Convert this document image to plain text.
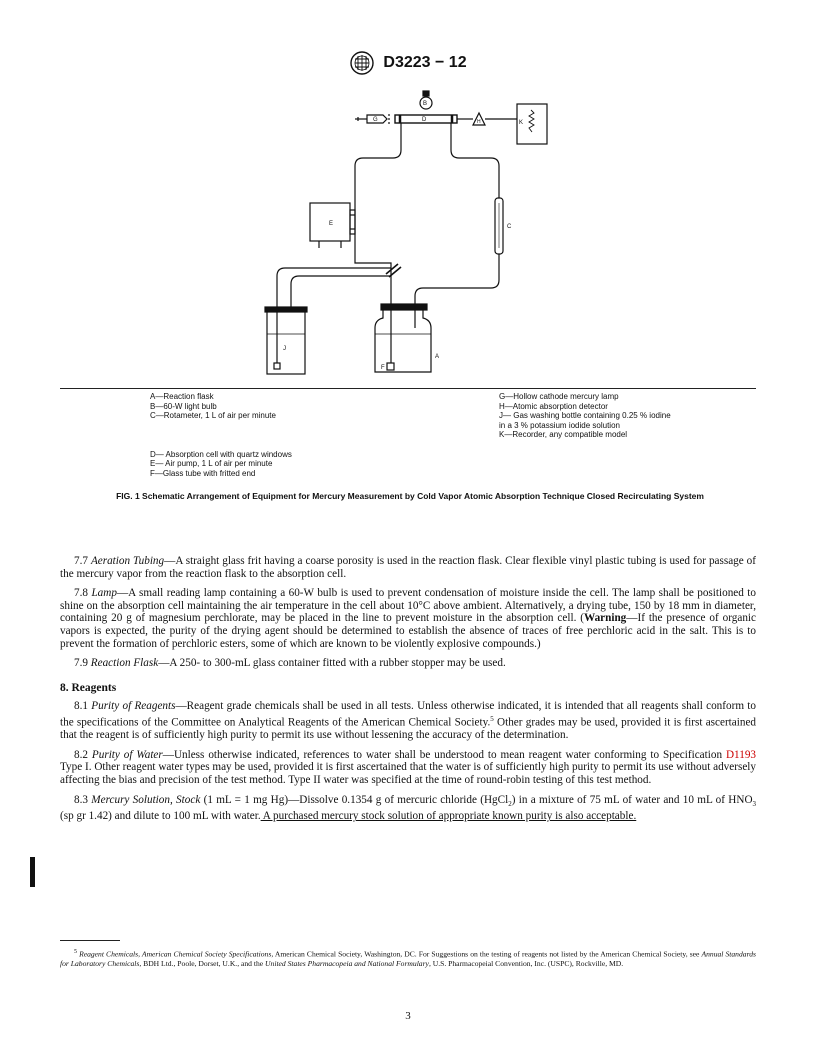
D3223 − 12
B
G	D	H	K
E	C
J
F
A
A—Reaction flask
B—60-W light bulb
C—Rotameter, 1 L of air per minute
D— Absorption cell with quartz windows
E— Air pump, 1 L of air per minute
F—Glass tube with fritted end
G—Hollow cathode mercury lamp
H—Atomic absorption detector
J— Gas washing bottle containing 0.25 % iodine in a 3 % potassium iodide solution
K—Recorder, any compatible model
FIG. 1 Schematic Arrangement of Equipment for Mercury Measurement by Cold Vapor Atomic Absorption Technique Closed Recirculating System

7.7 Aeration Tubing—A straight glass frit having a coarse porosity is used in the reaction flask. Clear flexible vinyl plastic tubing is used for passage of the mercury vapor from the reaction flask to the absorption cell.

7.8 Lamp—A small reading lamp containing a 60-W bulb is used to prevent condensation of moisture inside the cell. The lamp shall be positioned to shine on the absorption cell maintaining the air temperature in the cell about 10°C above ambient. Alternatively, a drying tube, 150 by 18 mm in diameter, containing 20 g of magnesium perchlorate, may be placed in the line to prevent moisture in the absorption cell. (Warning—If the presence of organic vapors is expected, the purity of the drying agent should be determined to establish the absence of traces of free perchloric acid in the salt. This is to prevent the formation of perchloric esters, some of which are known to be violently explosive compounds.)

7.9 Reaction Flask—A 250- to 300-mL glass container fitted with a rubber stopper may be used.

8. Reagents

8.1 Purity of Reagents—Reagent grade chemicals shall be used in all tests. Unless otherwise indicated, it is intended that all reagents shall conform to the specifications of the Committee on Analytical Reagents of the American Chemical Society.$^5$ Other grades may be used, provided it is first ascertained that the reagent is of sufficiently high purity to permit its use without lessening the accuracy of the determination.

8.2 Purity of Water—Unless otherwise indicated, references to water shall be understood to mean reagent water conforming to Specification D1193 Type I. Other reagent water types may be used, provided it is first ascertained that the water is of sufficiently high purity to permit its use without adversely affecting the bias and precision of the test method. Type II water was specified at the time of round-robin testing of this test method.

8.3 Mercury Solution, Stock (1 mL = 1 mg Hg)—Dissolve 0.1354 g of mercuric chloride (HgCl$_2$) in a mixture of 75 mL of water and 10 mL of $HNO_3$ (sp gr 1.42) and dilute to 100 mL with water. A purchased mercury stock solution of appropriate known purity is also acceptable.

$^5$ Reagent Chemicals, American Chemical Society Specifications, American Chemical Society, Washington, DC. For Suggestions on the testing of reagents not listed by the American Chemical Society, see Annual Standards for Laboratory Chemicals, BDH Ltd., Poole, Dorset, U.K., and the United States Pharmacopeia and National Formulary, U.S. Pharmacopeial Convention, Inc. (USPC), Rockville, MD.

3
